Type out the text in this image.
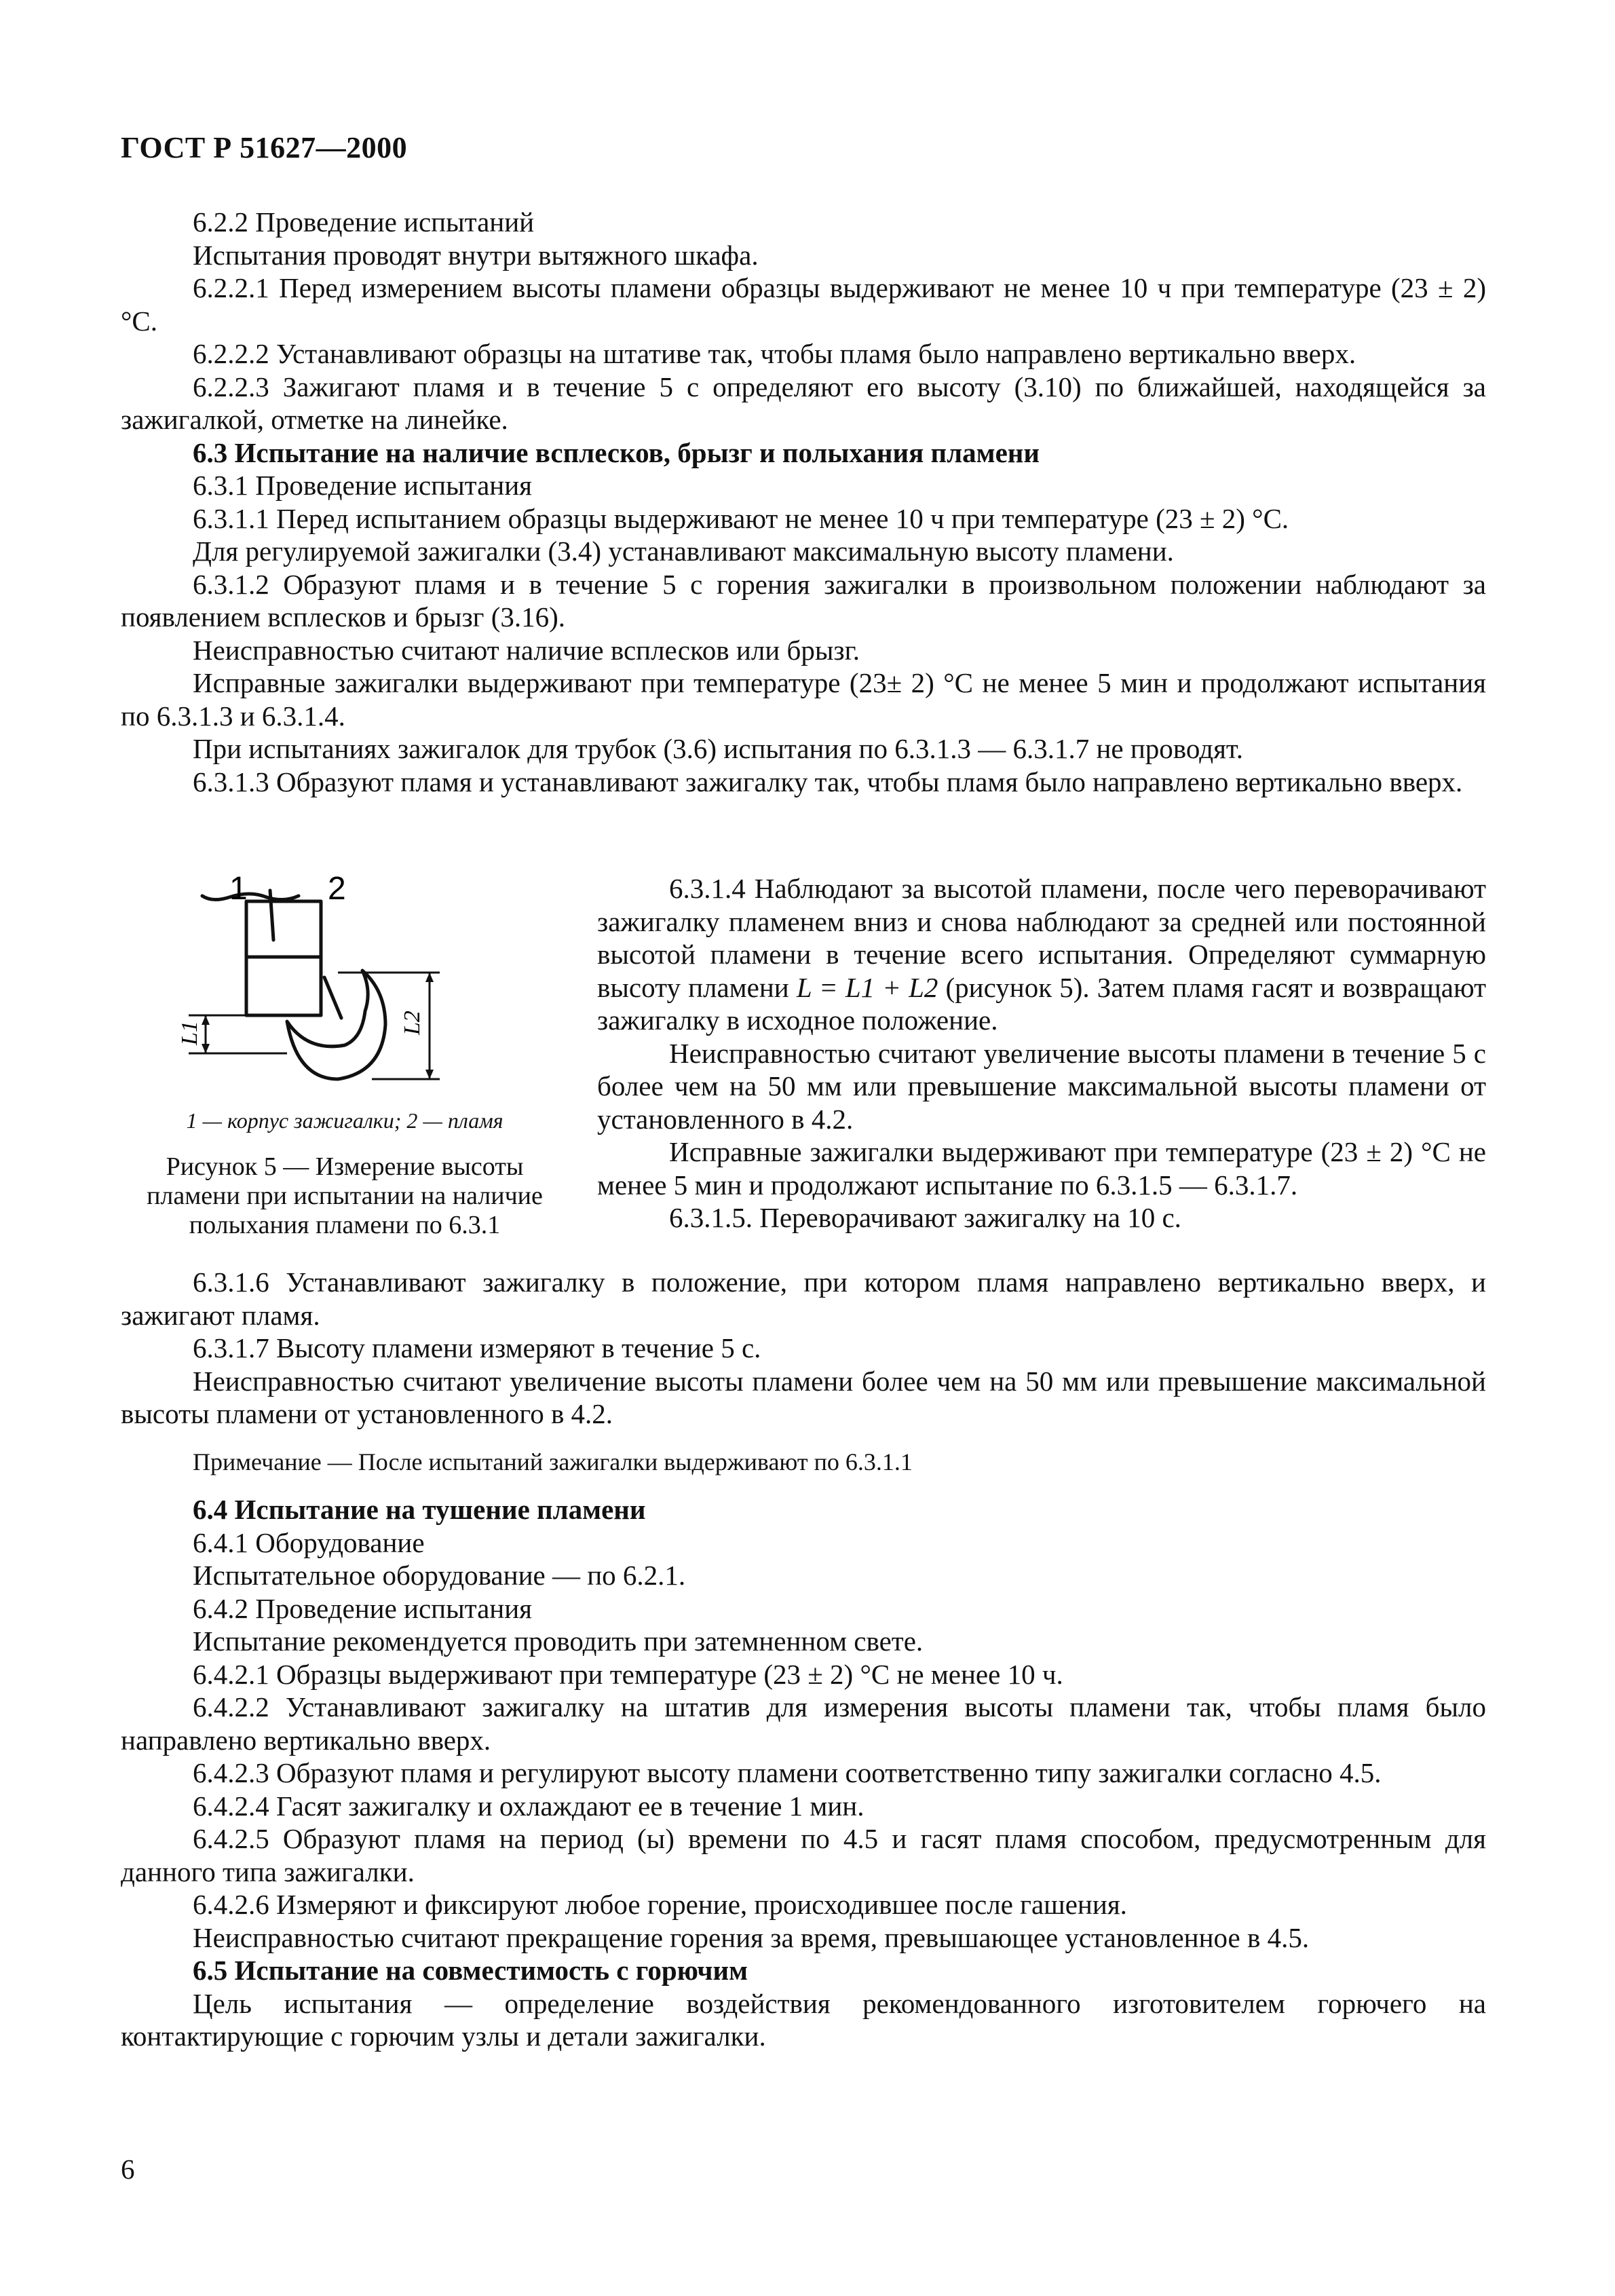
ГОСТ Р 51627—2000

6.2.2 Проведение испытаний

Испытания проводят внутри вытяжного шкафа.

6.2.2.1 Перед измерением высоты пламени образцы выдерживают не менее 10 ч при температуре (23 ± 2) °С.

6.2.2.2 Устанавливают образцы на штативе так, чтобы пламя было направлено вертикально вверх.

6.2.2.3 Зажигают пламя и в течение 5 с определяют его высоту (3.10) по ближайшей, находящейся за зажигалкой, отметке на линейке.

6.3 Испытание на наличие всплесков, брызг и полыхания пламени

6.3.1 Проведение испытания

6.3.1.1 Перед испытанием образцы выдерживают не менее 10 ч при температуре (23 ± 2) °С.

Для регулируемой зажигалки (3.4) устанавливают максимальную высоту пламени.

6.3.1.2 Образуют пламя и в течение 5 с горения зажигалки в произвольном положении наблюдают за появлением всплесков и брызг (3.16).

Неисправностью считают наличие всплесков или брызг.

Исправные зажигалки выдерживают при температуре (23± 2) °С не менее 5 мин и продолжают испытания по 6.3.1.3 и 6.3.1.4.

При испытаниях зажигалок для трубок (3.6) испытания по 6.3.1.3 — 6.3.1.7 не проводят.

6.3.1.3 Образуют пламя и устанавливают зажигалку так, чтобы пламя было направлено вертикально вверх.

1 2
L1	L2
1 — корпус зажигалки; 2 — пламя
Рисунок 5 — Измерение высоты пламени при испытании на наличие полыхания пламени по 6.3.1

6.3.1.4 Наблюдают за высотой пламени, после чего переворачивают зажигалку пламенем вниз и снова наблюдают за средней или постоянной высотой пламени в течение всего испытания. Определяют суммарную высоту пламени L = L1 + L2 (рисунок 5). Затем пламя гасят и возвращают зажигалку в исходное положение.

Неисправностью считают увеличение высоты пламени в течение 5 с более чем на 50 мм или превышение максимальной высоты пламени от установленного в 4.2.

Исправные зажигалки выдерживают при температуре (23 ± 2) °С не менее 5 мин и продолжают испытание по 6.3.1.5 — 6.3.1.7.

6.3.1.5. Переворачивают зажигалку на 10 с.

6.3.1.6 Устанавливают зажигалку в положение, при котором пламя направлено вертикально вверх, и зажигают пламя.

6.3.1.7 Высоту пламени измеряют в течение 5 с.

Неисправностью считают увеличение высоты пламени более чем на 50 мм или превышение максимальной высоты пламени от установленного в 4.2.

Примечание — После испытаний зажигалки выдерживают по 6.3.1.1

6.4 Испытание на тушение пламени

6.4.1 Оборудование

Испытательное оборудование — по 6.2.1.

6.4.2 Проведение испытания

Испытание рекомендуется проводить при затемненном свете.

6.4.2.1 Образцы выдерживают при температуре (23 ± 2) °С не менее 10 ч.

6.4.2.2 Устанавливают зажигалку на штатив для измерения высоты пламени так, чтобы пламя было направлено вертикально вверх.

6.4.2.3 Образуют пламя и регулируют высоту пламени соответственно типу зажигалки согласно 4.5.

6.4.2.4 Гасят зажигалку и охлаждают ее в течение 1 мин.

6.4.2.5 Образуют пламя на период (ы) времени по 4.5 и гасят пламя способом, предусмотренным для данного типа зажигалки.

6.4.2.6 Измеряют и фиксируют любое горение, происходившее после гашения.

Неисправностью считают прекращение горения за время, превышающее установленное в 4.5.

6.5 Испытание на совместимость с горючим

Цель испытания — определение воздействия рекомендованного изготовителем горючего на контактирующие с горючим узлы и детали зажигалки.

6
